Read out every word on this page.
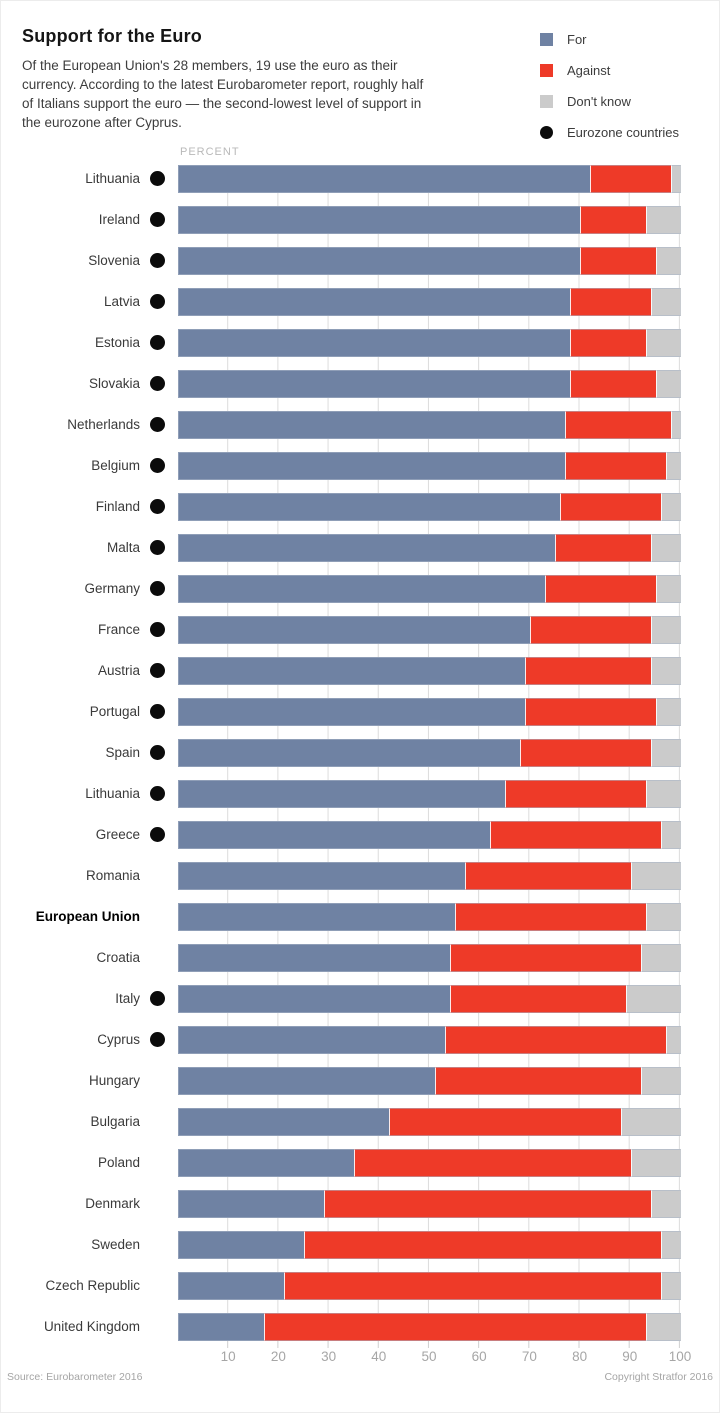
Support for the Euro
Of the European Union's 28 members, 19 use the euro as their
currency. According to the latest Eurobarometer report, roughly half
of Italians support the euro — the second-lowest level of support in
the eurozone after Cyprus.
For
Against
Don't know
Eurozone countries
PERCENT
Lithuania
Ireland
Slovenia
Latvia
Estonia
Slovakia
Netherlands
Belgium
Finland
Malta
Germany
France
Austria
Portugal
Spain
Lithuania
Greece
Romania
European Union
Croatia
Italy
Cyprus
Hungary
Bulgaria
Poland
Denmark
Sweden
Czech Republic
United Kingdom
10	20	30	40	50	60	70	80	90	100
Source: Eurobarometer 2016	Copyright Stratfor 2016
